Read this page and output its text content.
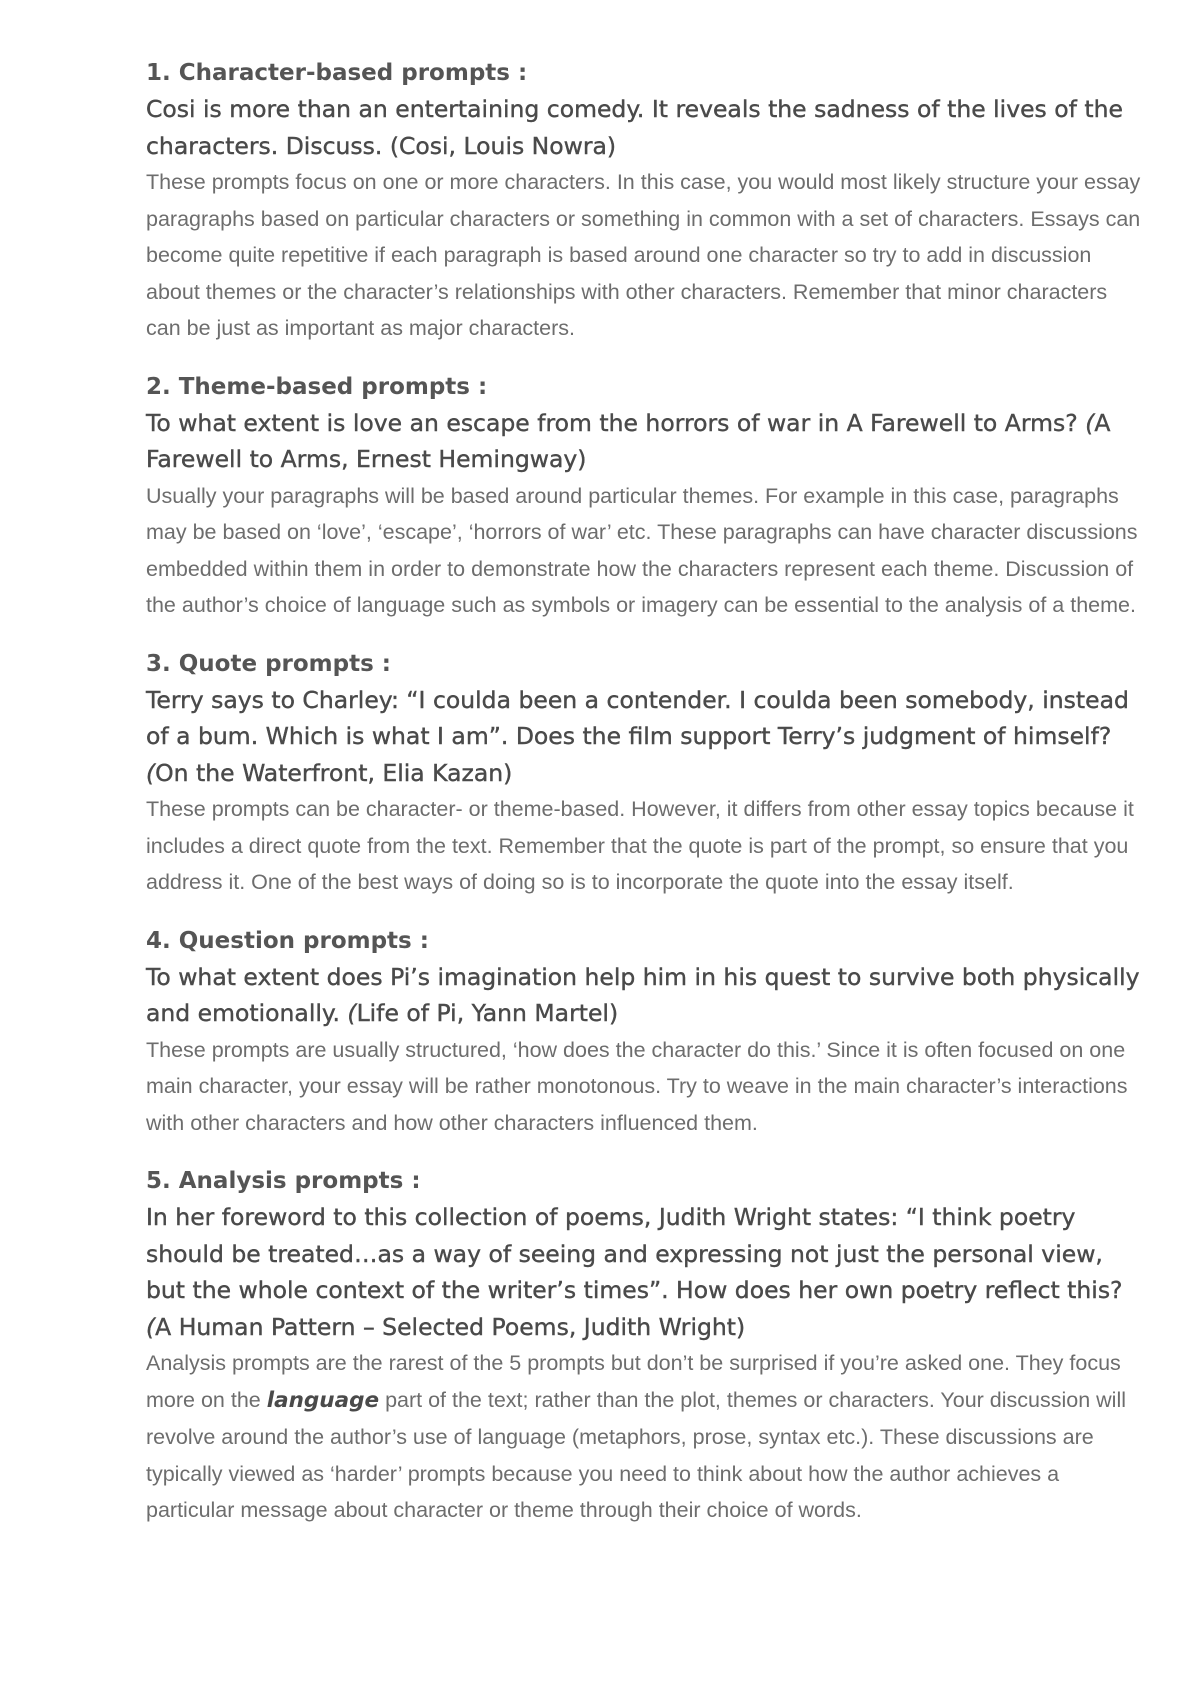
1. Character-based prompts :

Cosi is more than an entertaining comedy. It reveals the sadness of the lives of the characters. Discuss. (Cosi, Louis Nowra)

These prompts focus on one or more characters. In this case, you would most likely structure your essay paragraphs based on particular characters or something in common with a set of characters. Essays can become quite repetitive if each paragraph is based around one character so try to add in discussion about themes or the character’s relationships with other characters. Remember that minor characters can be just as important as major characters.

2. Theme-based prompts :

To what extent is love an escape from the horrors of war in A Farewell to Arms? (A Farewell to Arms, Ernest Hemingway)

Usually your paragraphs will be based around particular themes. For example in this case, paragraphs may be based on ‘love’, ‘escape’, ‘horrors of war’ etc. These paragraphs can have character discussions embedded within them in order to demonstrate how the characters represent each theme. Discussion of the author’s choice of language such as symbols or imagery can be essential to the analysis of a theme.

3. Quote prompts :

Terry says to Charley: “I coulda been a contender. I coulda been somebody, instead of a bum. Which is what I am”. Does the film support Terry’s judgment of himself? (On the Waterfront, Elia Kazan)

These prompts can be character- or theme-based. However, it differs from other essay topics because it includes a direct quote from the text. Remember that the quote is part of the prompt, so ensure that you address it. One of the best ways of doing so is to incorporate the quote into the essay itself.

4. Question prompts :

To what extent does Pi’s imagination help him in his quest to survive both physically and emotionally. (Life of Pi, Yann Martel)

These prompts are usually structured, ‘how does the character do this.’ Since it is often focused on one main character, your essay will be rather monotonous. Try to weave in the main character’s interactions with other characters and how other characters influenced them.

5. Analysis prompts :

In her foreword to this collection of poems, Judith Wright states: “I think poetry should be treated…as a way of seeing and expressing not just the personal view, but the whole context of the writer’s times”. How does her own poetry reflect this? (A Human Pattern – Selected Poems, Judith Wright)

Analysis prompts are the rarest of the 5 prompts but don’t be surprised if you’re asked one. They focus more on the language part of the text; rather than the plot, themes or characters. Your discussion will revolve around the author’s use of language (metaphors, prose, syntax etc.). These discussions are typically viewed as ‘harder’ prompts because you need to think about how the author achieves a particular message about character or theme through their choice of words.
